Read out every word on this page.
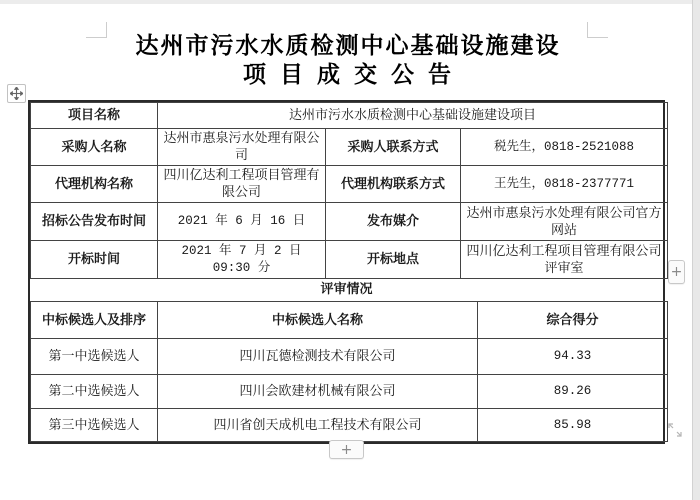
达州市污水水质检测中心基础设施建设
项目成交公告
项目名称	达州市污水水质检测中心基础设施建设项目		
采购人名称	达州市惠泉污水处理有限公司	采购人联系方式	税先生，0818-2521088
代理机构名称	四川亿达利工程项目管理有限公司	代理机构联系方式	王先生，0818-2377771
招标公告发布时间	2021 年 6 月 16 日	发布媒介	达州市惠泉污水处理有限公司官方网站
开标时间	2021 年 7 月 2 日 09:30 分	开标地点	四川亿达利工程项目管理有限公司评审室
评审情况
中标候选人及排序	中标候选人名称	综合得分
第一中选候选人	四川瓦德检测技术有限公司	94.33
第二中选候选人	四川会欧建材机械有限公司	89.26
第三中选候选人	四川省创天成机电工程技术有限公司	85.98
+
+
